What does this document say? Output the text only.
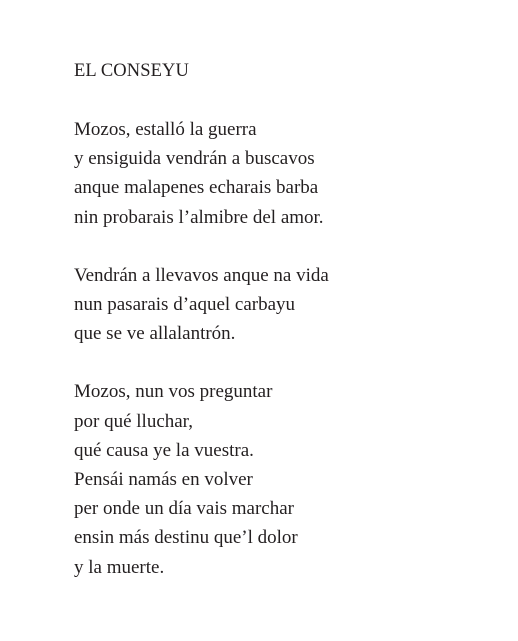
EL CONSEYU

Mozos, estalló la guerra
y ensiguida vendrán a buscavos
anque malapenes echarais barba
nin probarais l’almibre del amor.

Vendrán a llevavos anque na vida
nun pasarais d’aquel carbayu
que se ve allalantrón.

Mozos, nun vos preguntar
por qué lluchar,
qué causa ye la vuestra.
Pensái namás en volver
per onde un día vais marchar
ensin más destinu que’l dolor
y la muerte.
